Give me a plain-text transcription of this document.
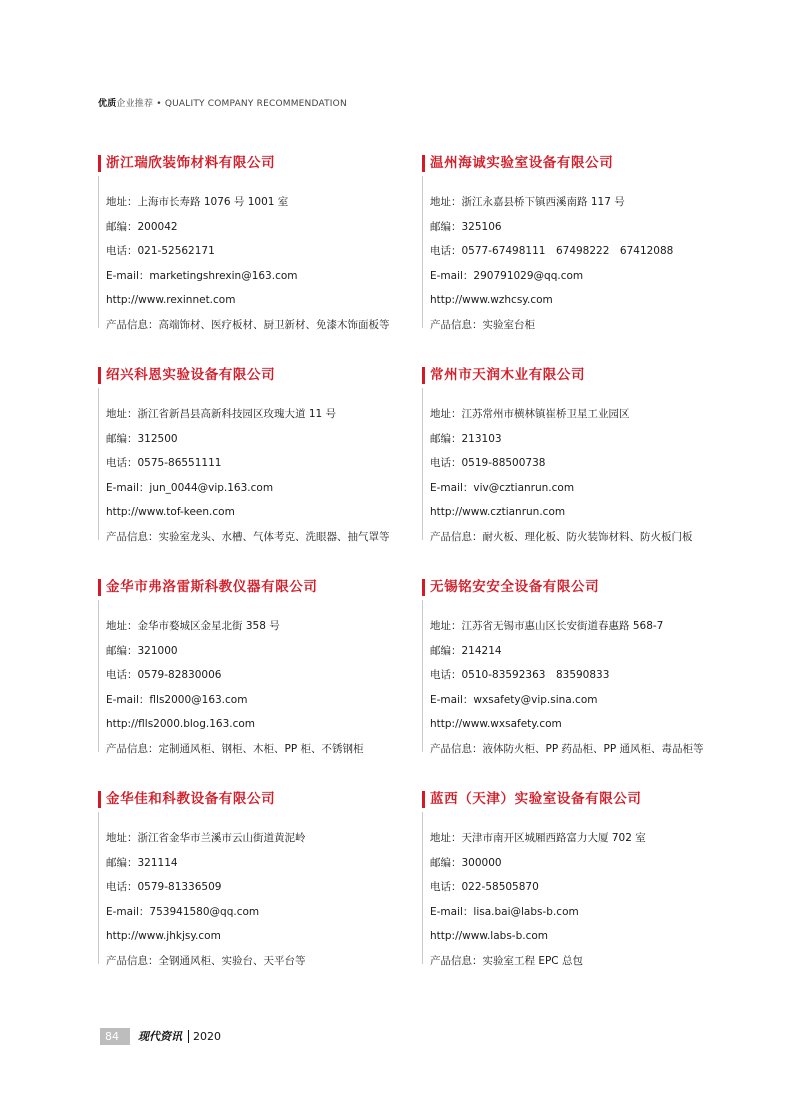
优质企业推荐 • QUALITY COMPANY RECOMMENDATION
浙江瑞欣装饰材料有限公司
地址：上海市长寿路 1076 号 1001 室
邮编：200042
电话：021-52562171
E-mail：marketingshrexin@163.com
http://www.rexinnet.com
产品信息：高端饰材、医疗板材、厨卫新材、免漆木饰面板等
温州海诚实验室设备有限公司
地址：浙江永嘉县桥下镇西溪南路 117 号
邮编：325106
电话：0577-67498111　67498222　67412088
E-mail：290791029@qq.com
http://www.wzhcsy.com
产品信息：实验室台柜
绍兴科恩实验设备有限公司
地址：浙江省新昌县高新科技园区玫瑰大道 11 号
邮编：312500
电话：0575-86551111
E-mail：jun_0044@vip.163.com
http://www.tof-keen.com
产品信息：实验室龙头、水槽、气体考克、洗眼器、抽气罩等
常州市天润木业有限公司
地址：江苏常州市横林镇崔桥卫星工业园区
邮编：213103
电话：0519-88500738
E-mail：viv@cztianrun.com
http://www.cztianrun.com
产品信息：耐火板、理化板、防火装饰材料、防火板门板
金华市弗洛雷斯科教仪器有限公司
地址：金华市婺城区金星北街 358 号
邮编：321000
电话：0579-82830006
E-mail：flls2000@163.com
http://flls2000.blog.163.com
产品信息：定制通风柜、钢柜、木柜、PP 柜、不锈钢柜
无锡铭安安全设备有限公司
地址：江苏省无锡市惠山区长安街道春惠路 568-7
邮编：214214
电话：0510-83592363　83590833
E-mail：wxsafety@vip.sina.com
http://www.wxsafety.com
产品信息：液体防火柜、PP 药品柜、PP 通风柜、毒品柜等
金华佳和科教设备有限公司
地址：浙江省金华市兰溪市云山街道黄泥岭
邮编：321114
电话：0579-81336509
E-mail：753941580@qq.com
http://www.jhkjsy.com
产品信息：全钢通风柜、实验台、天平台等
蓝西（天津）实验室设备有限公司
地址：天津市南开区城厢西路富力大厦 702 室
邮编：300000
电话：022-58505870
E-mail：lisa.bai@labs-b.com
http://www.labs-b.com
产品信息：实验室工程 EPC 总包
84	现代资讯 2020
